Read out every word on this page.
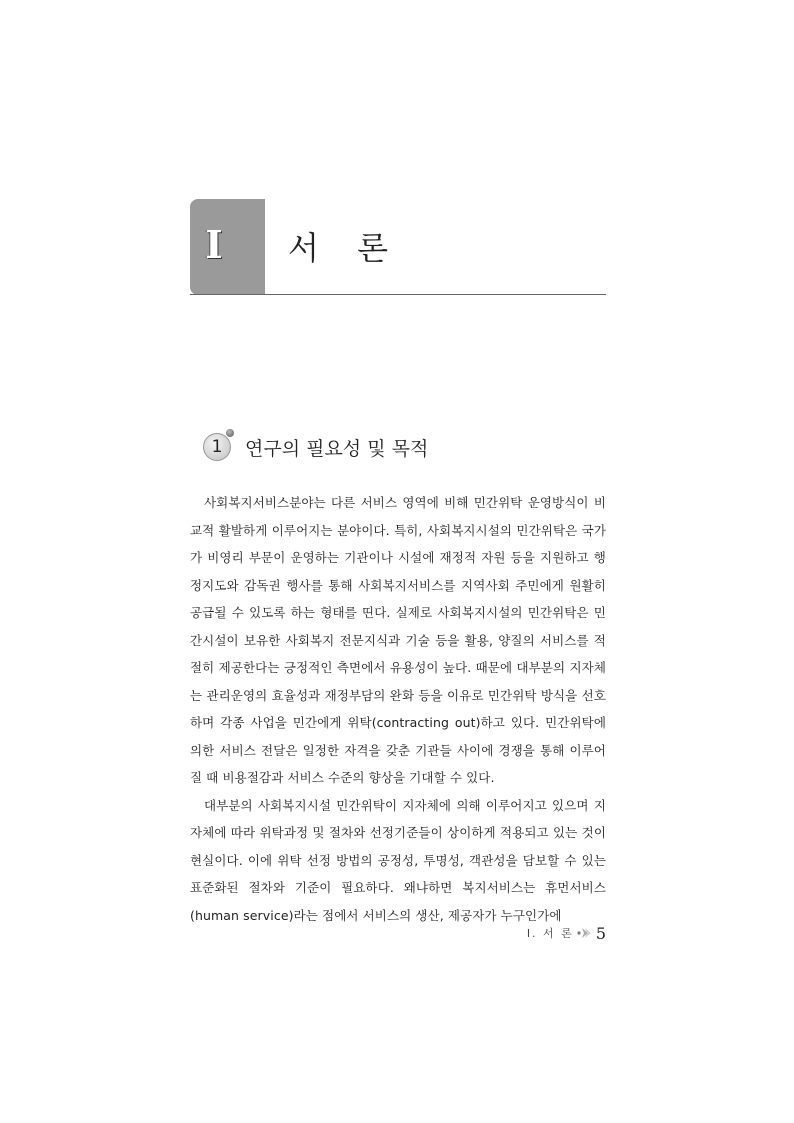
Ⅰ 서 론
1 연구의 필요성 및 목적

사회복지서비스분야는 다른 서비스 영역에 비해 민간위탁 운영방식이 비교적 활발하게 이루어지는 분야이다. 특히, 사회복지시설의 민간위탁은 국가가 비영리 부문이 운영하는 기관이나 시설에 재정적 자원 등을 지원하고 행정지도와 감독권 행사를 통해 사회복지서비스를 지역사회 주민에게 원활히 공급될 수 있도록 하는 형태를 띤다. 실제로 사회복지시설의 민간위탁은 민간시설이 보유한 사회복지 전문지식과 기술 등을 활용, 양질의 서비스를 적절히 제공한다는 긍정적인 측면에서 유용성이 높다. 때문에 대부분의 지자체는 관리운영의 효율성과 재정부담의 완화 등을 이유로 민간위탁 방식을 선호하며 각종 사업을 민간에게 위탁(contracting out)하고 있다. 민간위탁에 의한 서비스 전달은 일정한 자격을 갖춘 기관들 사이에 경쟁을 통해 이루어질 때 비용절감과 서비스 수준의 향상을 기대할 수 있다.

대부분의 사회복지시설 민간위탁이 지자체에 의해 이루어지고 있으며 지자체에 따라 위탁과정 및 절차와 선정기준들이 상이하게 적용되고 있는 것이 현실이다. 이에 위탁 선정 방법의 공정성, 투명성, 객관성을 담보할 수 있는 표준화된 절차와 기준이 필요하다. 왜냐하면 복지서비스는 휴먼서비스(human service)라는 점에서 서비스의 생산, 제공자가 누구인가에

Ⅰ. 서 론 5
